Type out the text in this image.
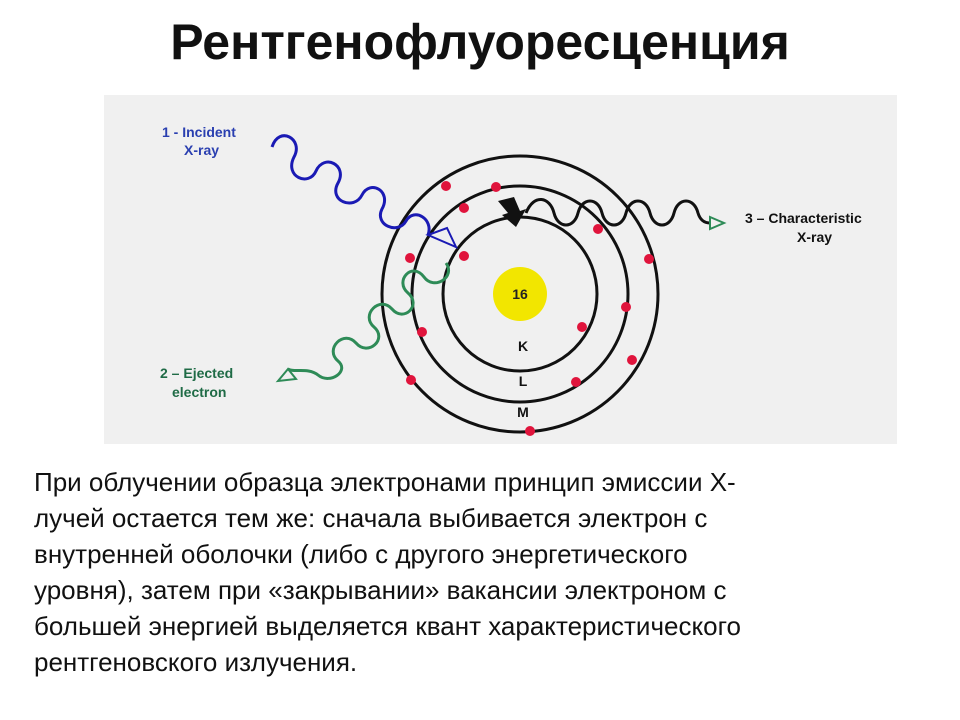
Рентгенофлуоресценция
16
K
L
M
1 - Incident
X-ray
2 – Ejected
electron
3 – Characteristic
X-ray
При облучении образца электронами принцип эмиссии Х-
лучей остается тем же: сначала выбивается электрон с
внутренней оболочки (либо с другого энергетического
уровня), затем при «закрывании» вакансии электроном с
большей энергией выделяется квант характеристического
рентгеновского излучения.
